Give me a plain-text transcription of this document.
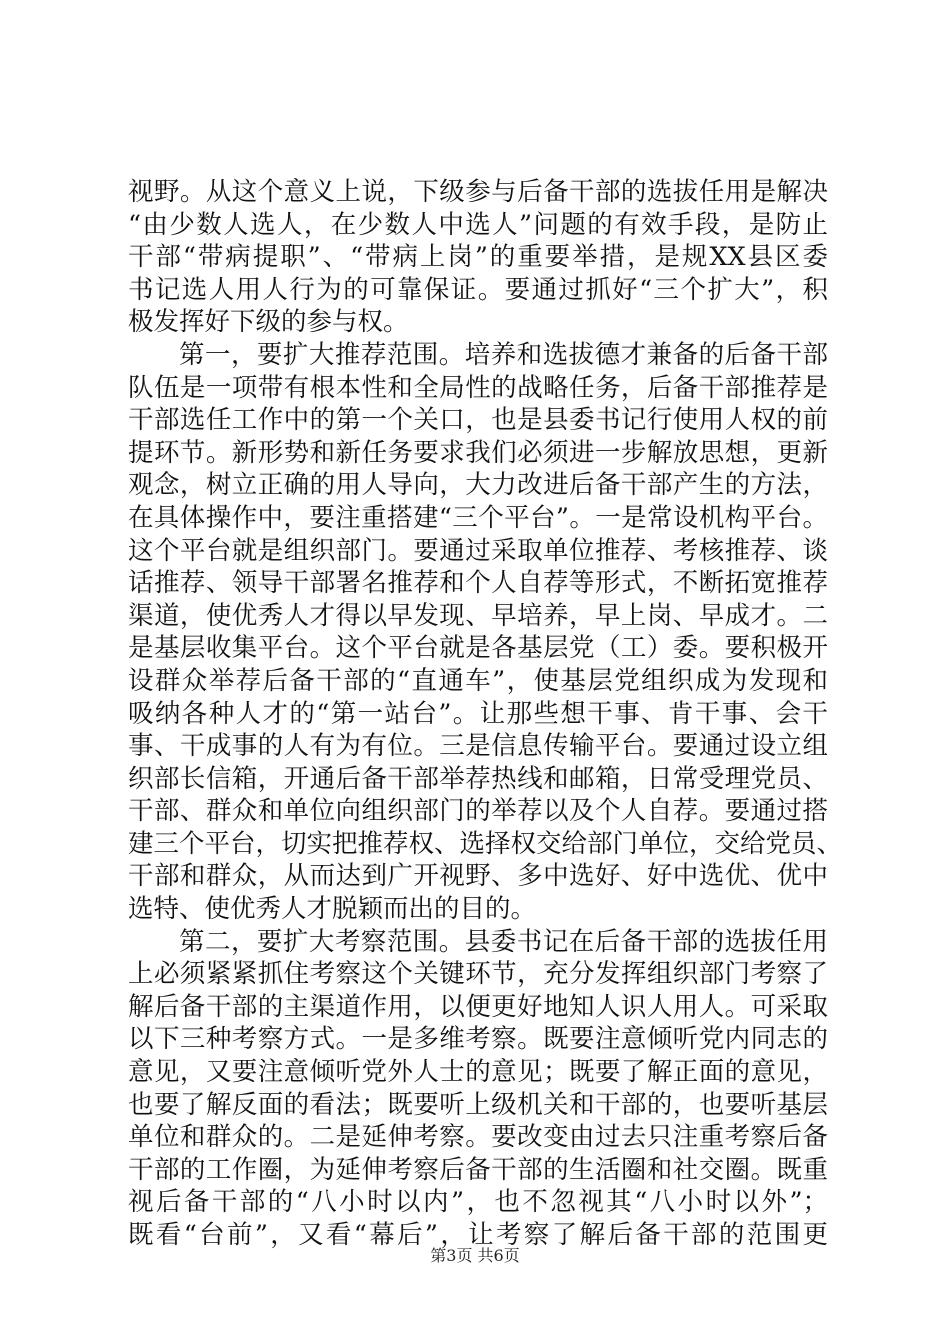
视野。从这个意义上说，下级参与后备干部的选拔任用是解决
“由少数人选人，在少数人中选人”问题的有效手段，是防止
干部“带病提职”、“带病上岗”的重要举措，是规XX县区委
书记选人用人行为的可靠保证。要通过抓好“三个扩大”，积
极发挥好下级的参与权。
第一，要扩大推荐范围。培养和选拔德才兼备的后备干部
队伍是一项带有根本性和全局性的战略任务，后备干部推荐是
干部选任工作中的第一个关口，也是县委书记行使用人权的前
提环节。新形势和新任务要求我们必须进一步解放思想，更新
观念，树立正确的用人导向，大力改进后备干部产生的方法，
在具体操作中，要注重搭建“三个平台”。一是常设机构平台。
这个平台就是组织部门。要通过采取单位推荐、考核推荐、谈
话推荐、领导干部署名推荐和个人自荐等形式，不断拓宽推荐
渠道，使优秀人才得以早发现、早培养，早上岗、早成才。二
是基层收集平台。这个平台就是各基层党（工）委。要积极开
设群众举荐后备干部的“直通车”，使基层党组织成为发现和
吸纳各种人才的“第一站台”。让那些想干事、肯干事、会干
事、干成事的人有为有位。三是信息传输平台。要通过设立组
织部长信箱，开通后备干部举荐热线和邮箱，日常受理党员、
干部、群众和单位向组织部门的举荐以及个人自荐。要通过搭
建三个平台，切实把推荐权、选择权交给部门单位，交给党员、
干部和群众，从而达到广开视野、多中选好、好中选优、优中
选特、使优秀人才脱颖而出的目的。
第二，要扩大考察范围。县委书记在后备干部的选拔任用
上必须紧紧抓住考察这个关键环节，充分发挥组织部门考察了
解后备干部的主渠道作用，以便更好地知人识人用人。可采取
以下三种考察方式。一是多维考察。既要注意倾听党内同志的
意见，又要注意倾听党外人士的意见；既要了解正面的意见，
也要了解反面的看法；既要听上级机关和干部的，也要听基层
单位和群众的。二是延伸考察。要改变由过去只注重考察后备
干部的工作圈，为延伸考察后备干部的生活圈和社交圈。既重
视后备干部的“八小时以内”，也不忽视其“八小时以外”；
既看“台前”，又看“幕后”，让考察了解后备干部的范围更
第3页 共6页
